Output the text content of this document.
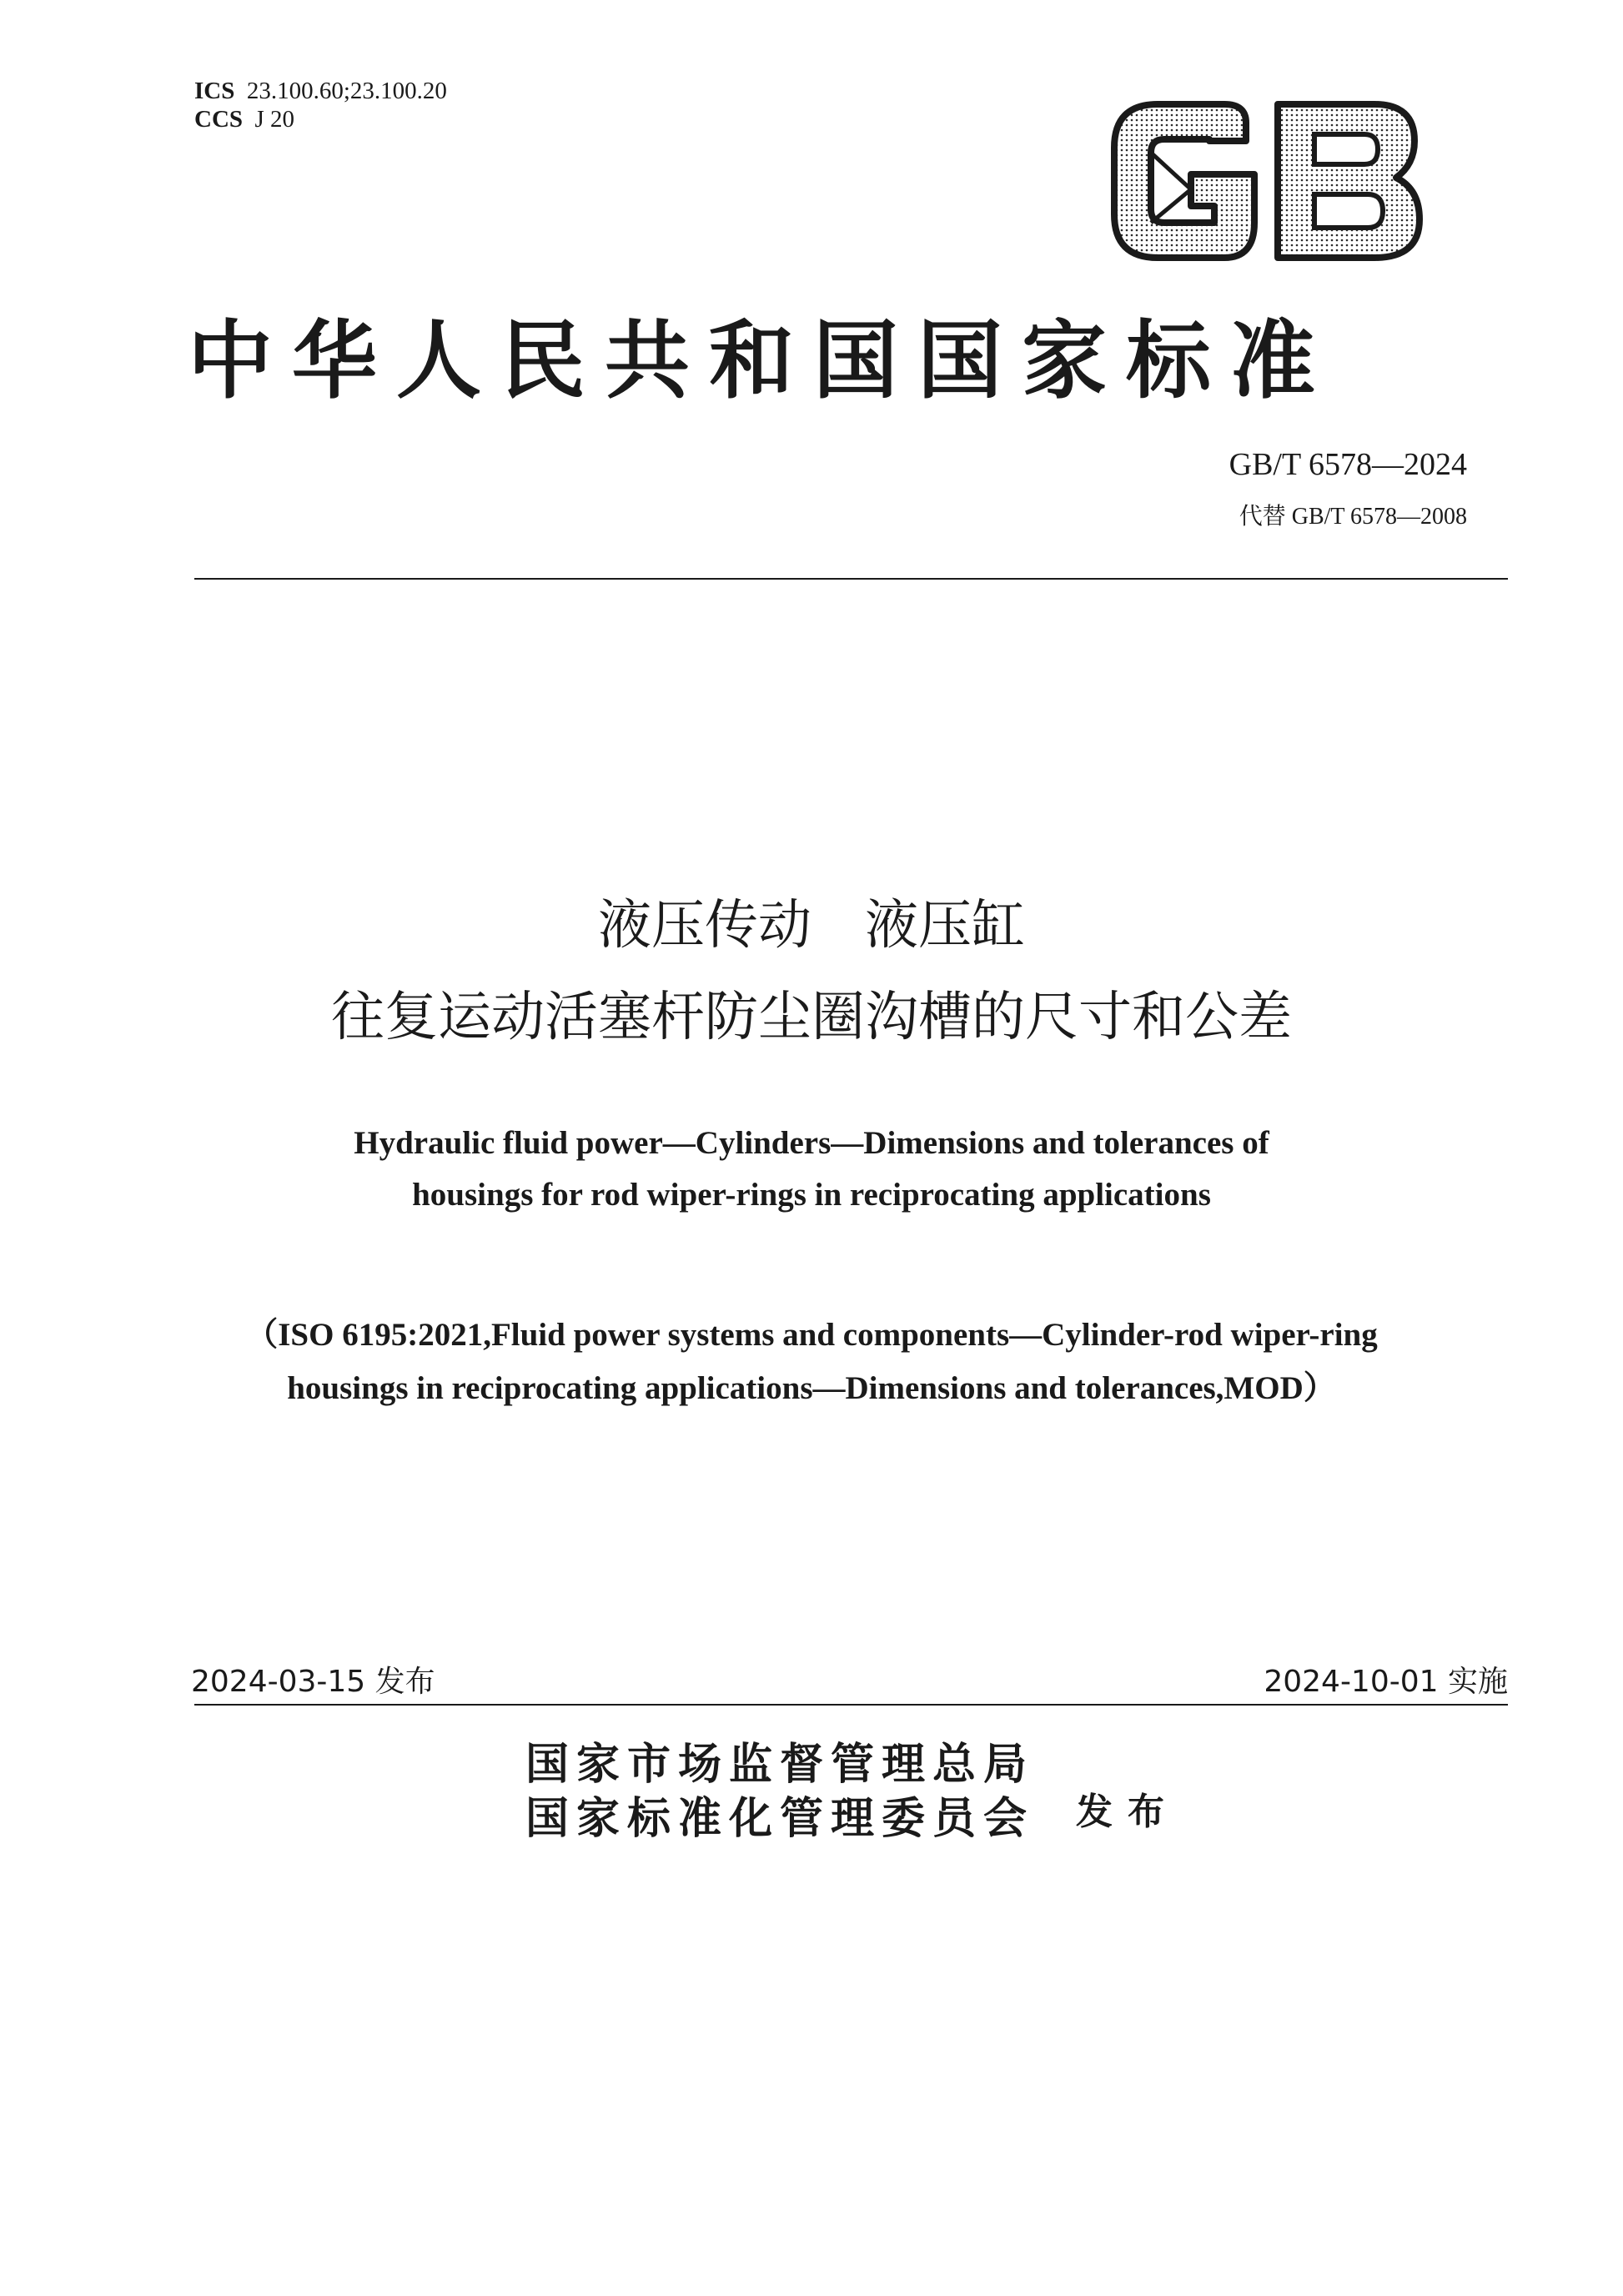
ICS 23.100.60;23.100.20
CCS J 20
中华人民共和国国家标准
GB/T 6578—2024
代替 GB/T 6578—2008
液压传动　液压缸
往复运动活塞杆防尘圈沟槽的尺寸和公差
Hydraulic fluid power—Cylinders—Dimensions and tolerances of
housings for rod wiper-rings in reciprocating applications
（ISO 6195:2021,Fluid power systems and components—Cylinder-rod wiper-ring
housings in reciprocating applications—Dimensions and tolerances,MOD）
2024-03-15 发布	2024-10-01 实施
国家市场监督管理总局
国家标准化管理委员会 发布
